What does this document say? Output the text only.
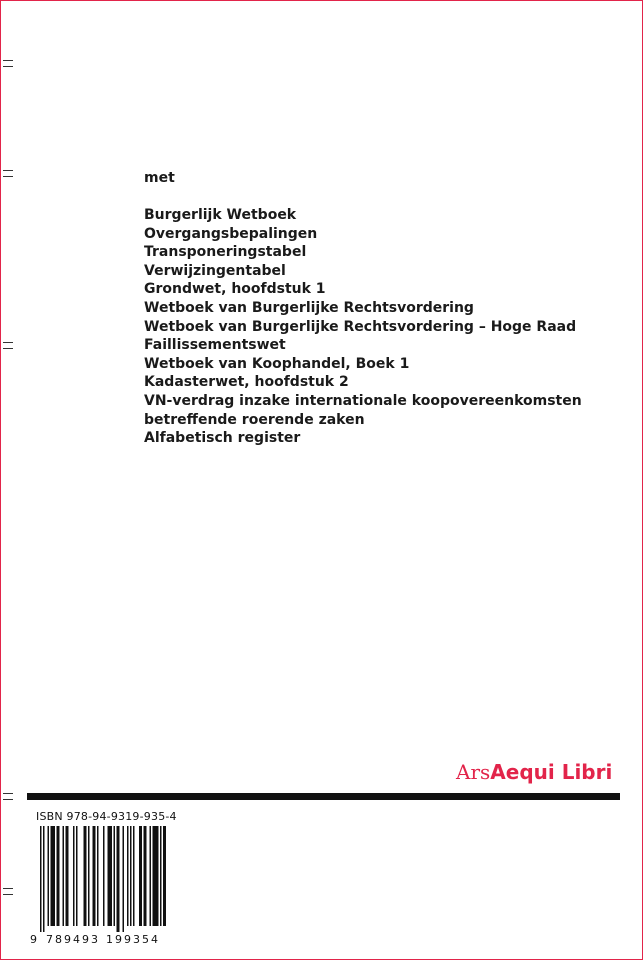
met
Burgerlijk Wetboek
Overgangsbepalingen
Transponeringstabel
Verwijzingentabel
Grondwet, hoofdstuk 1
Wetboek van Burgerlijke Rechtsvordering
Wetboek van Burgerlijke Rechtsvordering – Hoge Raad
Faillissementswet
Wetboek van Koophandel, Boek 1
Kadasterwet, hoofdstuk 2
VN-verdrag inzake internationale koopovereenkomsten
betreffende roerende zaken
Alfabetisch register
ArsAequi Libri
ISBN 978-94-9319-935-4
9 789493 199354
